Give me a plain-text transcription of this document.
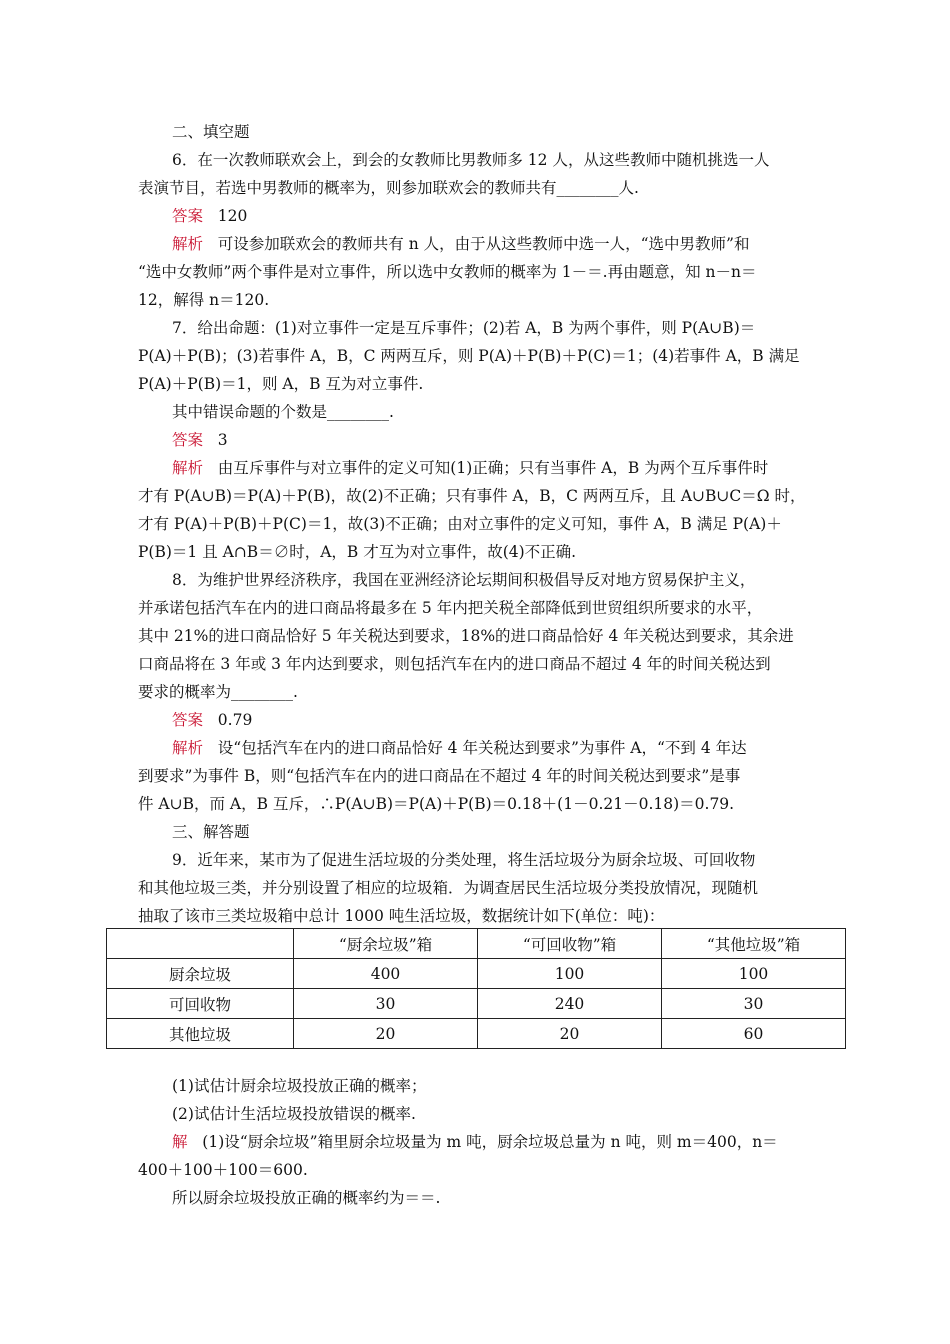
二、填空题
6．在一次教师联欢会上，到会的女教师比男教师多 12 人，从这些教师中随机挑选一人
表演节目，若选中男教师的概率为，则参加联欢会的教师共有________人.
答案 120
解析 可设参加联欢会的教师共有 n 人，由于从这些教师中选一人，“选中男教师”和
“选中女教师”两个事件是对立事件，所以选中女教师的概率为 1－＝.再由题意，知 n－n＝
12，解得 n＝120.
7．给出命题：(1)对立事件一定是互斥事件；(2)若 A，B 为两个事件，则 P(A∪B)＝
P(A)＋P(B)；(3)若事件 A，B，C 两两互斥，则 P(A)＋P(B)＋P(C)＝1；(4)若事件 A，B 满足
P(A)＋P(B)＝1，则 A，B 互为对立事件.
其中错误命题的个数是________.
答案 3
解析 由互斥事件与对立事件的定义可知(1)正确；只有当事件 A，B 为两个互斥事件时
才有 P(A∪B)＝P(A)＋P(B)，故(2)不正确；只有事件 A，B，C 两两互斥，且 A∪B∪C＝Ω 时，
才有 P(A)＋P(B)＋P(C)＝1，故(3)不正确；由对立事件的定义可知，事件 A，B 满足 P(A)＋
P(B)＝1 且 A∩B＝∅时，A，B 才互为对立事件，故(4)不正确.
8．为维护世界经济秩序，我国在亚洲经济论坛期间积极倡导反对地方贸易保护主义，
并承诺包括汽车在内的进口商品将最多在 5 年内把关税全部降低到世贸组织所要求的水平，
其中 21%的进口商品恰好 5 年关税达到要求，18%的进口商品恰好 4 年关税达到要求，其余进
口商品将在 3 年或 3 年内达到要求，则包括汽车在内的进口商品不超过 4 年的时间关税达到
要求的概率为________.
答案 0.79
解析 设“包括汽车在内的进口商品恰好 4 年关税达到要求”为事件 A，“不到 4 年达
到要求”为事件 B，则“包括汽车在内的进口商品在不超过 4 年的时间关税达到要求”是事
件 A∪B，而 A，B 互斥，∴P(A∪B)＝P(A)＋P(B)＝0.18＋(1－0.21－0.18)＝0.79.
三、解答题
9．近年来，某市为了促进生活垃圾的分类处理，将生活垃圾分为厨余垃圾、可回收物
和其他垃圾三类，并分别设置了相应的垃圾箱．为调查居民生活垃圾分类投放情况，现随机
抽取了该市三类垃圾箱中总计 1000 吨生活垃圾，数据统计如下(单位：吨)：
	“厨余垃圾”箱	“可回收物”箱	“其他垃圾”箱
厨余垃圾	400	100	100
可回收物	30	240	30
其他垃圾	20	20	60
(1)试估计厨余垃圾投放正确的概率；
(2)试估计生活垃圾投放错误的概率.
解 (1)设“厨余垃圾”箱里厨余垃圾量为 m 吨，厨余垃圾总量为 n 吨，则 m＝400，n＝
400＋100＋100＝600.
所以厨余垃圾投放正确的概率约为＝＝.
